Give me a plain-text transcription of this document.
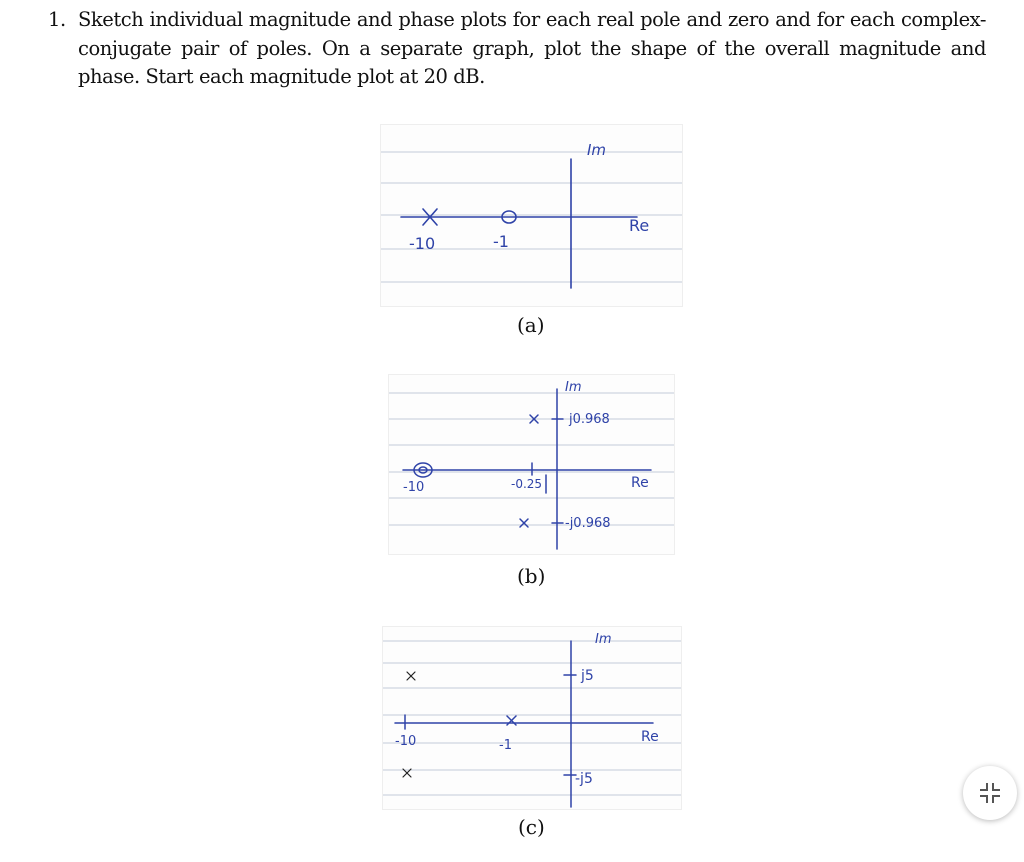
1. Sketch individual magnitude and phase plots for each real pole and zero and for each complex-conjugate pair of poles. On a separate graph, plot the shape of the overall magnitude and phase. Start each magnitude plot at 20 dB.
Im
Re
-10	-1
(a)
Im
j0.968
-10	-0.25	Re
-j0.968
(b)
Im
j5
-10	-1
Re
-j5
(c)
